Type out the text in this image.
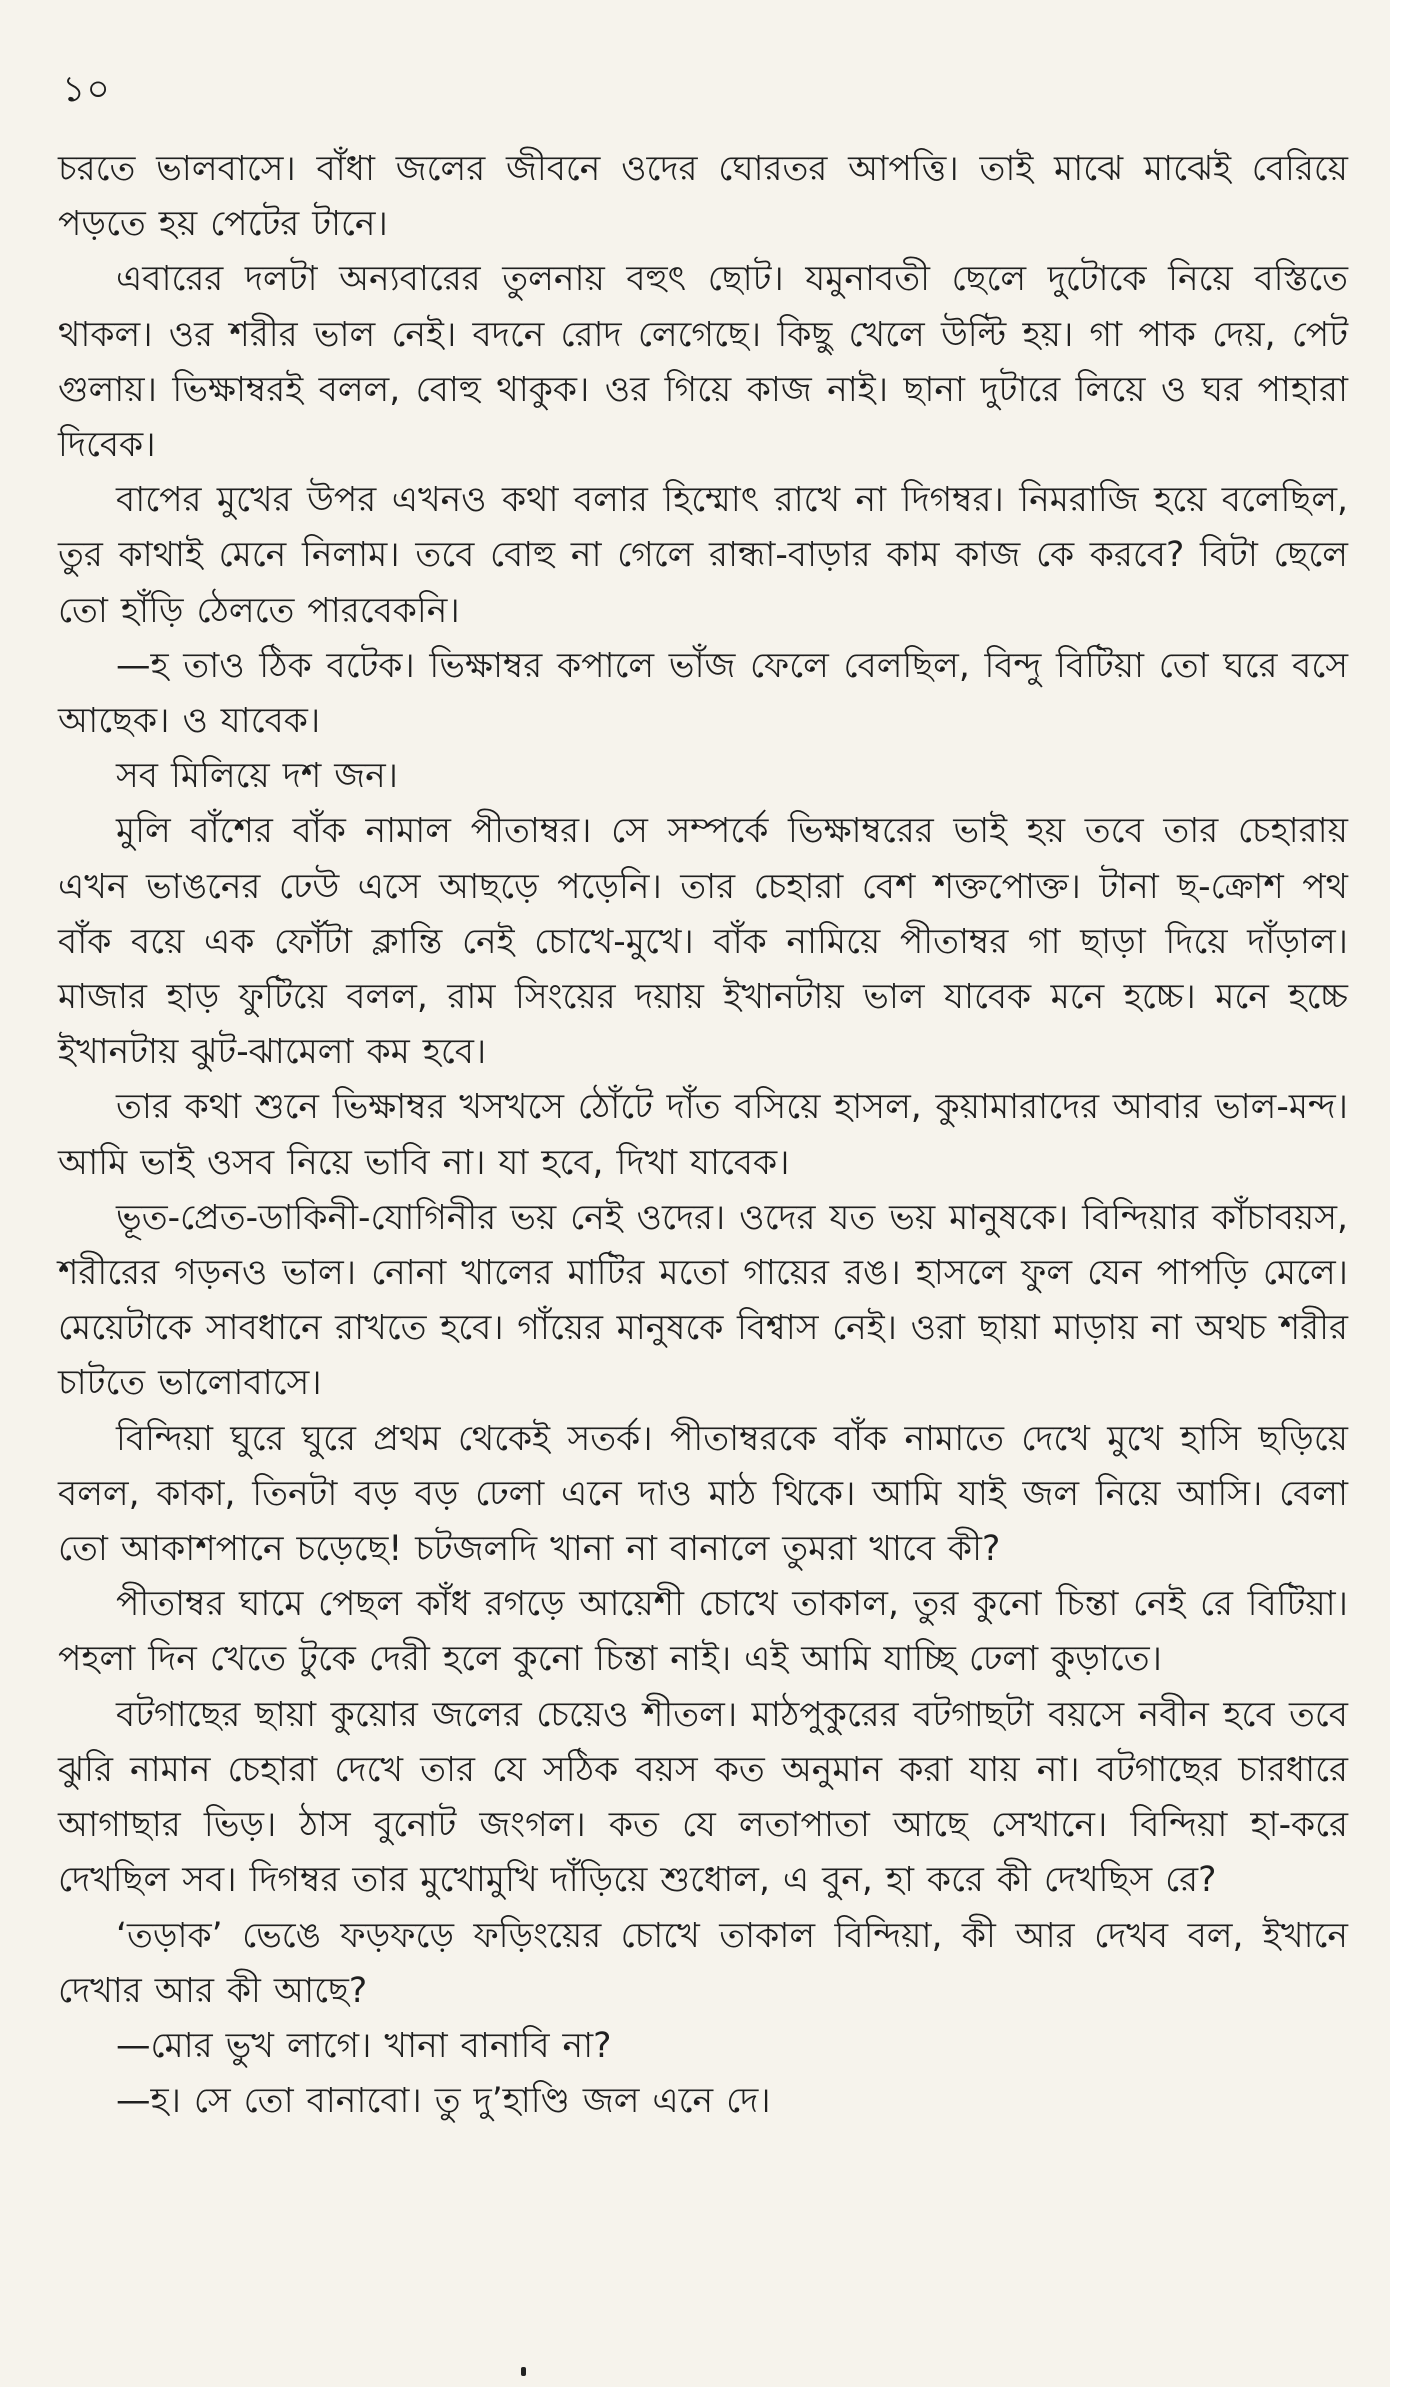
১০

চরতে ভালবাসে। বাঁধা জলের জীবনে ওদের ঘোরতর আপত্তি। তাই মাঝে মাঝেই বেরিয়ে পড়তে হয় পেটের টানে।

এবারের দলটা অন্যবারের তুলনায় বহুৎ ছোট। যমুনাবতী ছেলে দুটোকে নিয়ে বস্তিতে থাকল। ওর শরীর ভাল নেই। বদনে রোদ লেগেছে। কিছু খেলে উল্টি হয়। গা পাক দেয়, পেট গুলায়। ভিক্ষাম্বরই বলল, বোহু থাকুক। ওর গিয়ে কাজ নাই। ছানা দুটারে লিয়ে ও ঘর পাহারা দিবেক।

বাপের মুখের উপর এখনও কথা বলার হিম্মোৎ রাখে না দিগম্বর। নিমরাজি হয়ে বলেছিল, তুর কাথাই মেনে নিলাম। তবে বোহু না গেলে রান্ধা-বাড়ার কাম কাজ কে করবে? বিটা ছেলে তো হাঁড়ি ঠেলতে পারবেকনি।

—হ তাও ঠিক বটেক। ভিক্ষাম্বর কপালে ভাঁজ ফেলে বেলছিল, বিন্দু বিটিয়া তো ঘরে বসে আছেক। ও যাবেক।

সব মিলিয়ে দশ জন।

মুলি বাঁশের বাঁক নামাল পীতাম্বর। সে সম্পর্কে ভিক্ষাম্বরের ভাই হয় তবে তার চেহারায় এখন ভাঙনের ঢেউ এসে আছড়ে পড়েনি। তার চেহারা বেশ শক্তপোক্ত। টানা ছ-ক্রোশ পথ বাঁক বয়ে এক ফোঁটা ক্লান্তি নেই চোখে-মুখে। বাঁক নামিয়ে পীতাম্বর গা ছাড়া দিয়ে দাঁড়াল। মাজার হাড় ফুটিয়ে বলল, রাম সিংয়ের দয়ায় ইখানটায় ভাল যাবেক মনে হচ্চে। মনে হচ্চে ইখানটায় ঝুট-ঝামেলা কম হবে।

তার কথা শুনে ভিক্ষাম্বর খসখসে ঠোঁটে দাঁত বসিয়ে হাসল, কুয়ামারাদের আবার ভাল-মন্দ। আমি ভাই ওসব নিয়ে ভাবি না। যা হবে, দিখা যাবেক।

ভূত-প্রেত-ডাকিনী-যোগিনীর ভয় নেই ওদের। ওদের যত ভয় মানুষকে। বিন্দিয়ার কাঁচাবয়স, শরীরের গড়নও ভাল। নোনা খালের মাটির মতো গায়ের রঙ। হাসলে ফুল যেন পাপড়ি মেলে। মেয়েটাকে সাবধানে রাখতে হবে। গাঁয়ের মানুষকে বিশ্বাস নেই। ওরা ছায়া মাড়ায় না অথচ শরীর চাটতে ভালোবাসে।

বিন্দিয়া ঘুরে ঘুরে প্রথম থেকেই সতর্ক। পীতাম্বরকে বাঁক নামাতে দেখে মুখে হাসি ছড়িয়ে বলল, কাকা, তিনটা বড় বড় ঢেলা এনে দাও মাঠ থিকে। আমি যাই জল নিয়ে আসি। বেলা তো আকাশপানে চড়েছে! চটজলদি খানা না বানালে তুমরা খাবে কী?

পীতাম্বর ঘামে পেছল কাঁধ রগড়ে আয়েশী চোখে তাকাল, তুর কুনো চিন্তা নেই রে বিটিয়া। পহলা দিন খেতে টুকে দেরী হলে কুনো চিন্তা নাই। এই আমি যাচ্ছি ঢেলা কুড়াতে।

বটগাছের ছায়া কুয়োর জলের চেয়েও শীতল। মাঠপুকুরের বটগাছটা বয়সে নবীন হবে তবে ঝুরি নামান চেহারা দেখে তার যে সঠিক বয়স কত অনুমান করা যায় না। বটগাছের চারধারে আগাছার ভিড়। ঠাস বুনোট জংগল। কত যে লতাপাতা আছে সেখানে। বিন্দিয়া হা-করে দেখছিল সব। দিগম্বর তার মুখোমুখি দাঁড়িয়ে শুধোল, এ বুন, হা করে কী দেখছিস রে?

‘তড়াক’ ভেঙে ফড়ফড়ে ফড়িংয়ের চোখে তাকাল বিন্দিয়া, কী আর দেখব বল, ইখানে দেখার আর কী আছে?

—মোর ভুখ লাগে। খানা বানাবি না?

—হ। সে তো বানাবো। তু দু’হাণ্ডি জল এনে দে।
